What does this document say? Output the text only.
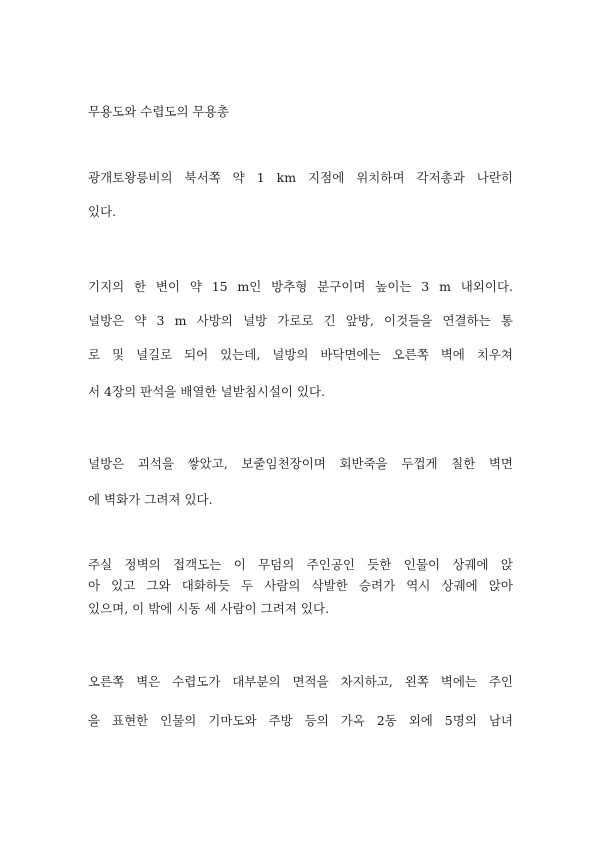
무용도와 수렵도의 무용총
광개토왕릉비의 북서쪽 약 1 km 지점에 위치하며 각저총과 나란히
있다.
기지의 한 변이 약 15 m인 방추형 분구이며 높이는 3 m 내외이다.
널방은 약 3 m 사방의 널방 가로로 긴 앞방, 이것들을 연결하는 통
로 및 널길로 되어 있는데, 널방의 바닥면에는 오른쪽 벽에 치우쳐
서 4장의 판석을 배열한 널받침시설이 있다.
널방은 괴석을 쌓았고, 보줄임천장이며 회반죽을 두껍게 칠한 벽면
에 벽화가 그려져 있다.
주실 정벽의 접객도는 이 무덤의 주인공인 듯한 인물이 상궤에 앉
아 있고 그와 대화하듯 두 사람의 삭발한 승려가 역시 상궤에 앉아
있으며, 이 밖에 시동 세 사람이 그려져 있다.
오른쪽 벽은 수렵도가 대부분의 면적을 차지하고, 왼쪽 벽에는 주인
을 표현한 인물의 기마도와 주방 등의 가옥 2동 외에 5명의 남녀
